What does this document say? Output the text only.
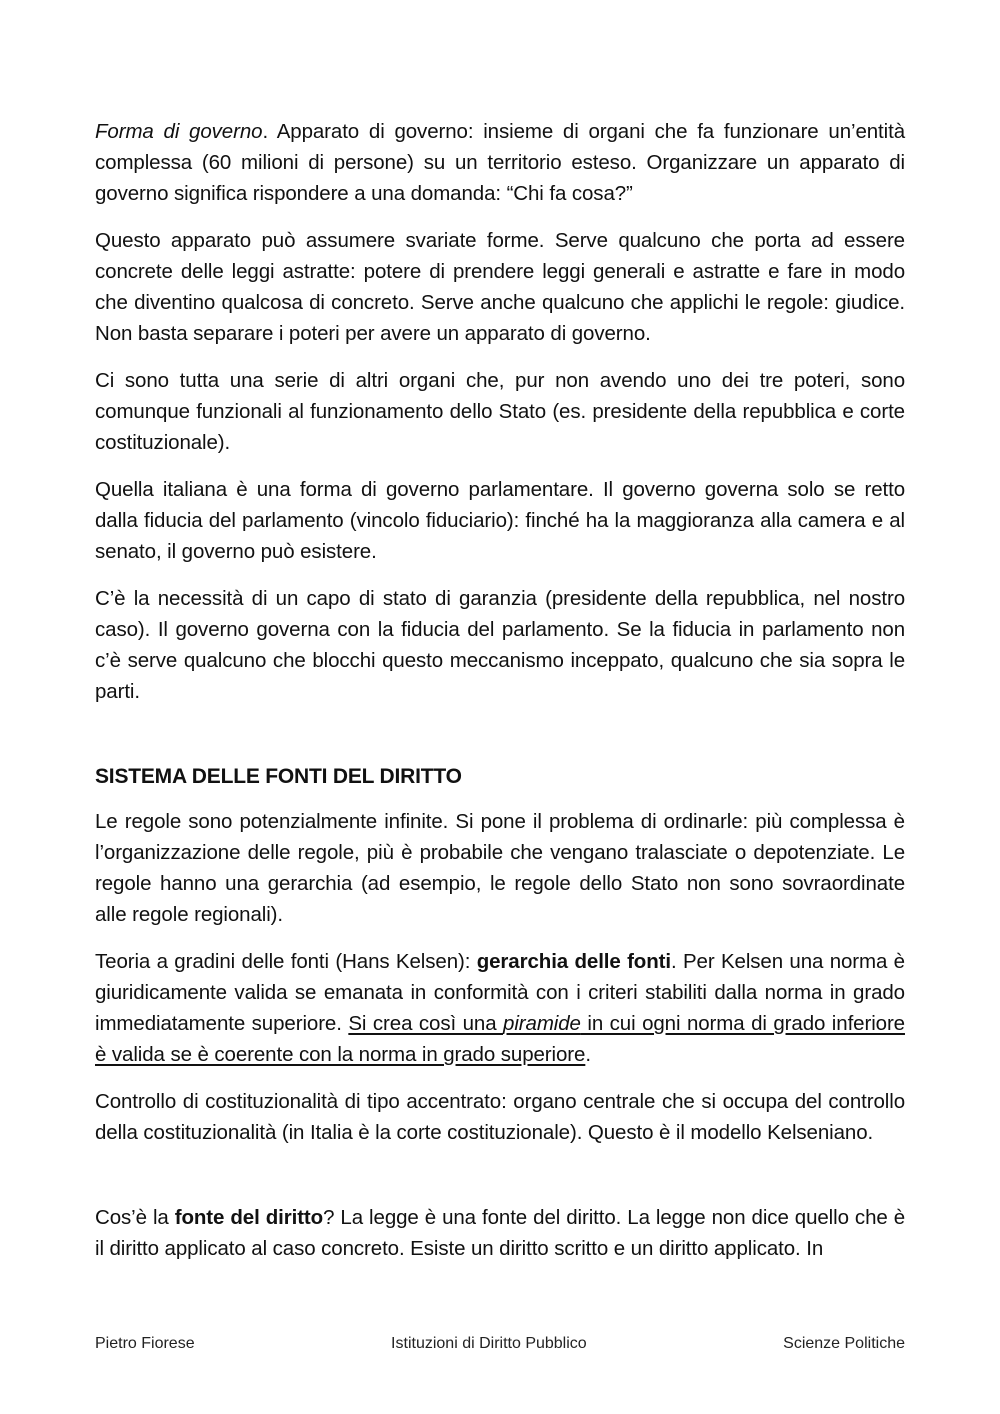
Forma di governo. Apparato di governo: insieme di organi che fa funzionare un’entità complessa (60 milioni di persone) su un territorio esteso. Organizzare un apparato di governo significa rispondere a una domanda: “Chi fa cosa?”

Questo apparato può assumere svariate forme. Serve qualcuno che porta ad essere concrete delle leggi astratte: potere di prendere leggi generali e astratte e fare in modo che diventino qualcosa di concreto. Serve anche qualcuno che applichi le regole: giudice. Non basta separare i poteri per avere un apparato di governo.

Ci sono tutta una serie di altri organi che, pur non avendo uno dei tre poteri, sono comunque funzionali al funzionamento dello Stato (es. presidente della repubblica e corte costituzionale).

Quella italiana è una forma di governo parlamentare. Il governo governa solo se retto dalla fiducia del parlamento (vincolo fiduciario): finché ha la maggioranza alla camera e al senato, il governo può esistere.

C’è la necessità di un capo di stato di garanzia (presidente della repubblica, nel nostro caso). Il governo governa con la fiducia del parlamento. Se la fiducia in parlamento non c’è serve qualcuno che blocchi questo meccanismo inceppato, qualcuno che sia sopra le parti.

SISTEMA DELLE FONTI DEL DIRITTO

Le regole sono potenzialmente infinite. Si pone il problema di ordinarle: più complessa è l’organizzazione delle regole, più è probabile che vengano tralasciate o depotenziate. Le regole hanno una gerarchia (ad esempio, le regole dello Stato non sono sovraordinate alle regole regionali).

Teoria a gradini delle fonti (Hans Kelsen): gerarchia delle fonti. Per Kelsen una norma è giuridicamente valida se emanata in conformità con i criteri stabiliti dalla norma in grado immediatamente superiore. Si crea così una piramide in cui ogni norma di grado inferiore è valida se è coerente con la norma in grado superiore.

Controllo di costituzionalità di tipo accentrato: organo centrale che si occupa del controllo della costituzionalità (in Italia è la corte costituzionale). Questo è il modello Kelseniano.

Cos’è la fonte del diritto? La legge è una fonte del diritto. La legge non dice quello che è il diritto applicato al caso concreto. Esiste un diritto scritto e un diritto applicato. In

Pietro Fiorese	Istituzioni di Diritto Pubblico	Scienze Politiche
